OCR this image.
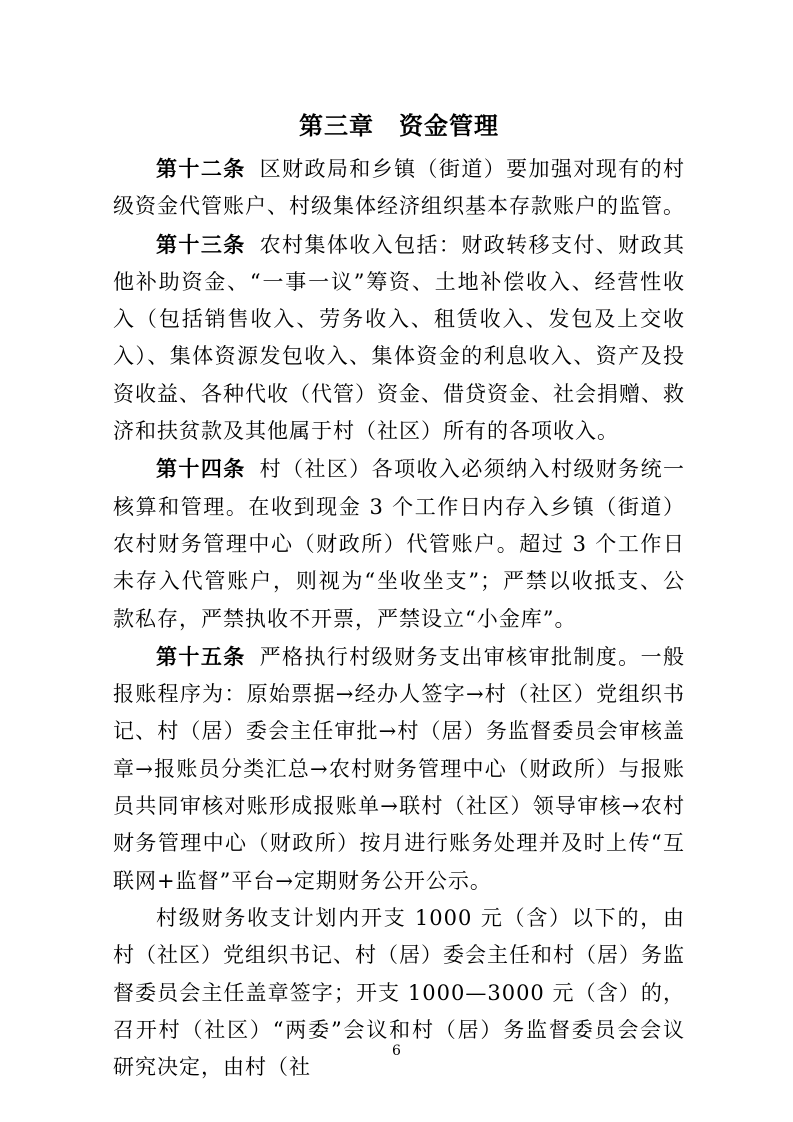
第三章　资金管理

第十二条 区财政局和乡镇（街道）要加强对现有的村级资金代管账户、村级集体经济组织基本存款账户的监管。

第十三条 农村集体收入包括：财政转移支付、财政其他补助资金、“一事一议”筹资、土地补偿收入、经营性收入（包括销售收入、劳务收入、租赁收入、发包及上交收入）、集体资源发包收入、集体资金的利息收入、资产及投资收益、各种代收（代管）资金、借贷资金、社会捐赠、救济和扶贫款及其他属于村（社区）所有的各项收入。

第十四条 村（社区）各项收入必须纳入村级财务统一核算和管理。在收到现金 3 个工作日内存入乡镇（街道）农村财务管理中心（财政所）代管账户。超过 3 个工作日未存入代管账户，则视为“坐收坐支”；严禁以收抵支、公款私存，严禁执收不开票，严禁设立“小金库”。

第十五条 严格执行村级财务支出审核审批制度。一般报账程序为：原始票据→经办人签字→村（社区）党组织书记、村（居）委会主任审批→村（居）务监督委员会审核盖章→报账员分类汇总→农村财务管理中心（财政所）与报账员共同审核对账形成报账单→联村（社区）领导审核→农村财务管理中心（财政所）按月进行账务处理并及时上传“互联网+监督”平台→定期财务公开公示。

村级财务收支计划内开支 1000 元（含）以下的，由村（社区）党组织书记、村（居）委会主任和村（居）务监督委员会主任盖章签字；开支 1000—3000 元（含）的，召开村（社区）“两委”会议和村（居）务监督委员会会议研究决定，由村（社

6
